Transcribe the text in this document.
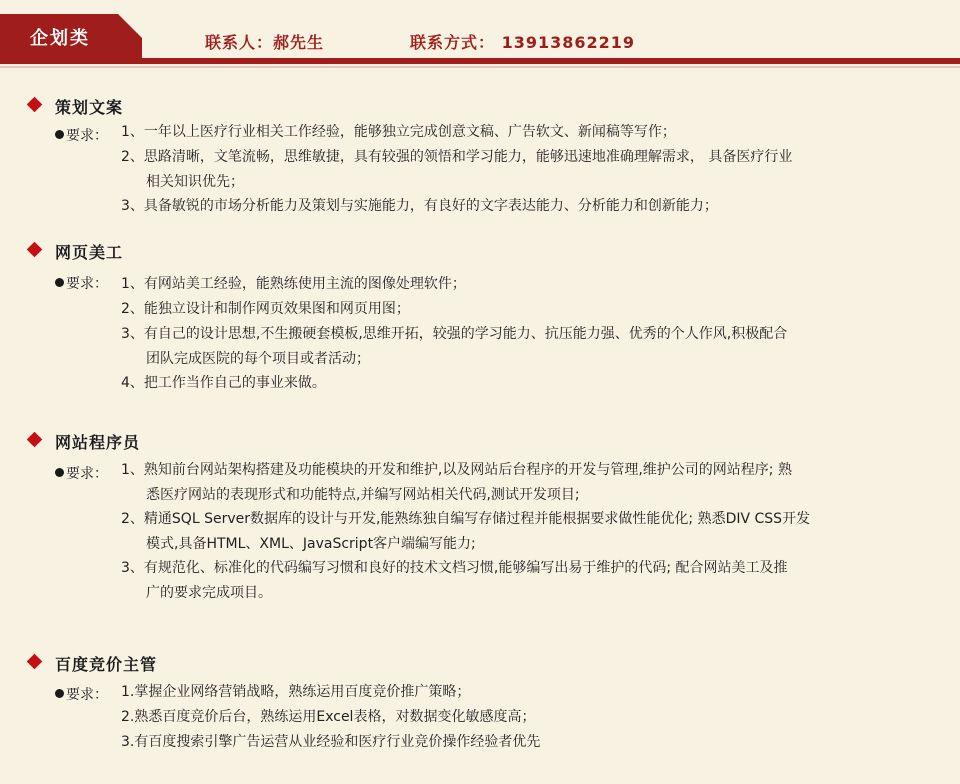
企划类	联系人：郝先生	联系方式： 13913862219
策划文案
要求： 1、一年以上医疗行业相关工作经验，能够独立完成创意文稿、广告软文、新闻稿等写作；
2、思路清晰，文笔流畅，思维敏捷，具有较强的领悟和学习能力，能够迅速地准确理解需求， 具备医疗行业
相关知识优先；
3、具备敏锐的市场分析能力及策划与实施能力，有良好的文字表达能力、分析能力和创新能力；
网页美工
要求： 1、有网站美工经验，能熟练使用主流的图像处理软件；
2、能独立设计和制作网页效果图和网页用图；
3、有自己的设计思想,不生搬硬套模板,思维开拓，较强的学习能力、抗压能力强、优秀的个人作风,积极配合
团队完成医院的每个项目或者活动；
4、把工作当作自己的事业来做。
网站程序员
要求： 1、熟知前台网站架构搭建及功能模块的开发和维护,以及网站后台程序的开发与管理,维护公司的网站程序; 熟
悉医疗网站的表现形式和功能特点,并编写网站相关代码,测试开发项目;
2、精通SQL Server数据库的设计与开发,能熟练独自编写存储过程并能根据要求做性能优化; 熟悉DIV CSS开发
模式,具备HTML、XML、JavaScript客户端编写能力;
3、有规范化、标准化的代码编写习惯和良好的技术文档习惯,能够编写出易于维护的代码; 配合网站美工及推
广的要求完成项目。
百度竞价主管
要求： 1.掌握企业网络营销战略，熟练运用百度竞价推广策略；
2.熟悉百度竞价后台，熟练运用Excel表格，对数据变化敏感度高；
3.有百度搜索引擎广告运营从业经验和医疗行业竞价操作经验者优先
